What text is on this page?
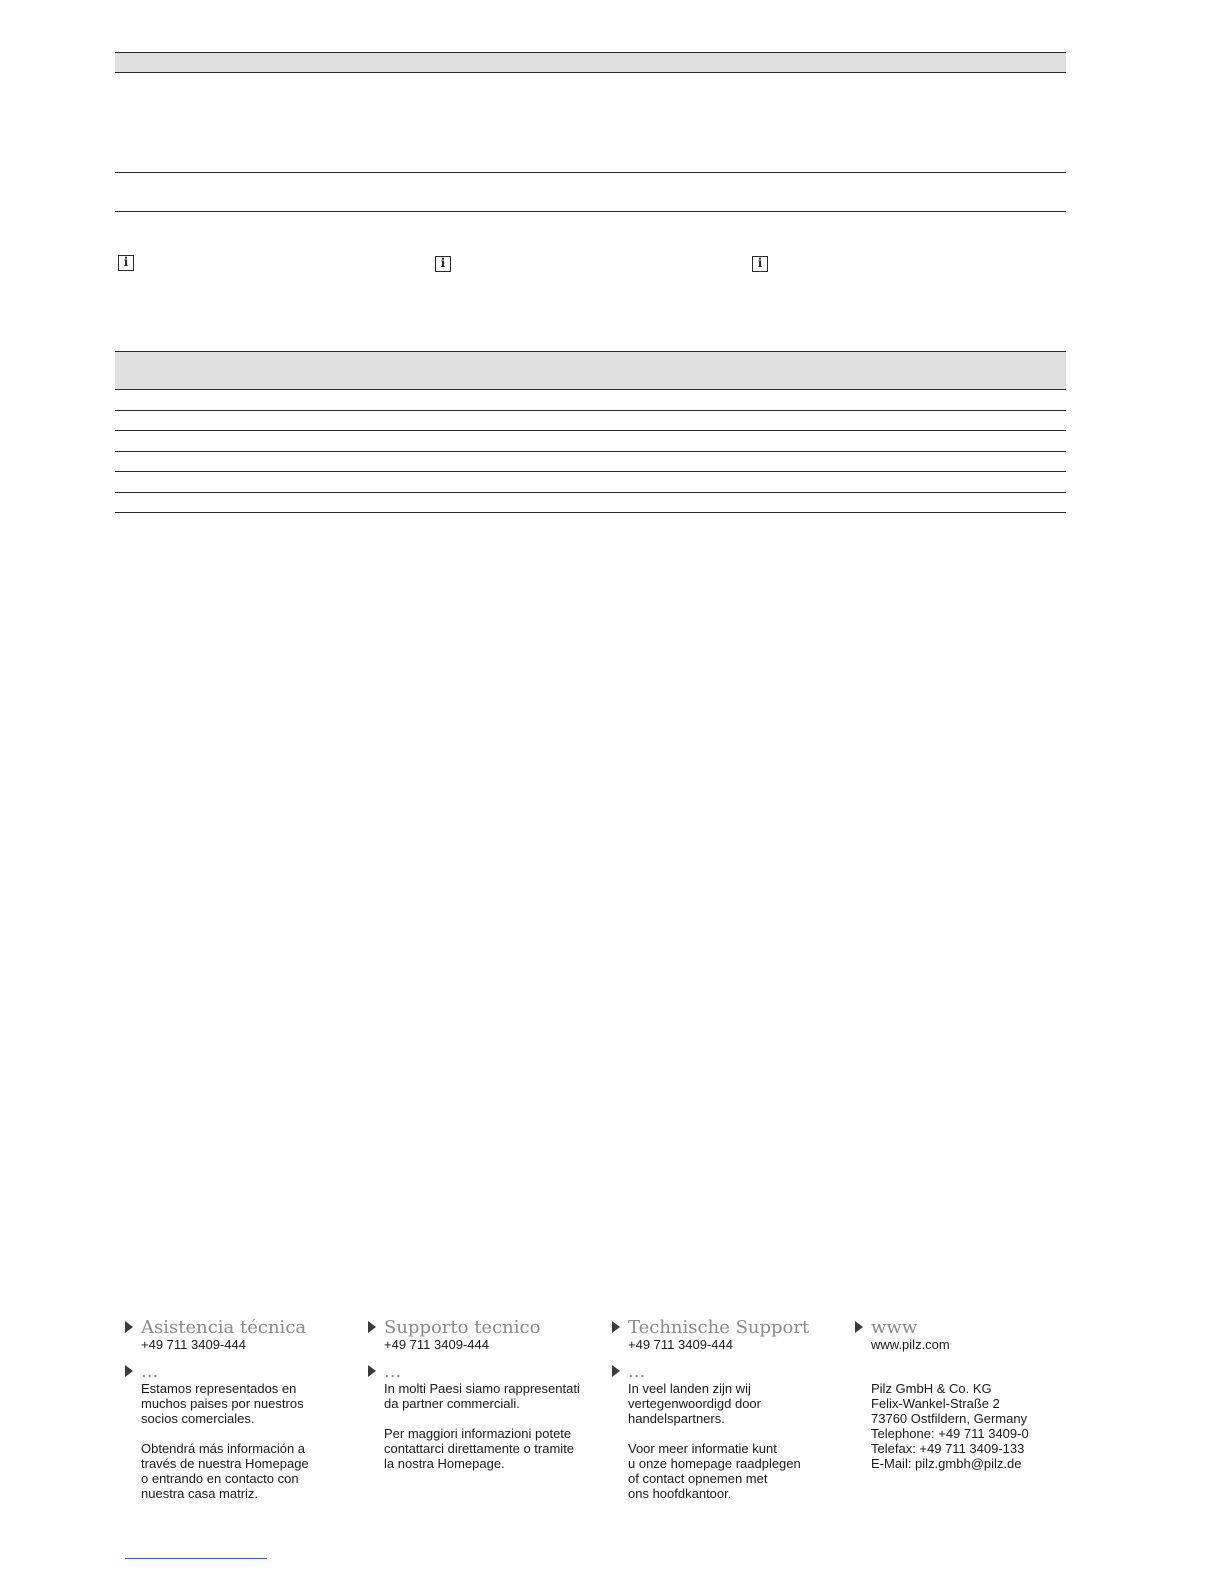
i	i	i
Asistencia técnica
+49 711 3409-444
...

Estamos representados en
muchos paises por nuestros
socios comerciales.

Obtendrá más información a
través de nuestra Homepage
o entrando en contacto con
nuestra casa matriz.

Supporto tecnico
+49 711 3409-444
...

In molti Paesi siamo rappresentati
da partner commerciali.

Per maggiori informazioni potete
contattarci direttamente o tramite
la nostra Homepage.

Technische Support
+49 711 3409-444
...

In veel landen zijn wij
vertegenwoordigd door
handelspartners.

Voor meer informatie kunt
u onze homepage raadplegen
of contact opnemen met
ons hoofdkantoor.

www
www.pilz.com

Pilz GmbH & Co. KG
Felix-Wankel-Straße 2
73760 Ostfildern, Germany
Telephone: +49 711 3409-0
Telefax: +49 711 3409-133
E-Mail: pilz.gmbh@pilz.de
